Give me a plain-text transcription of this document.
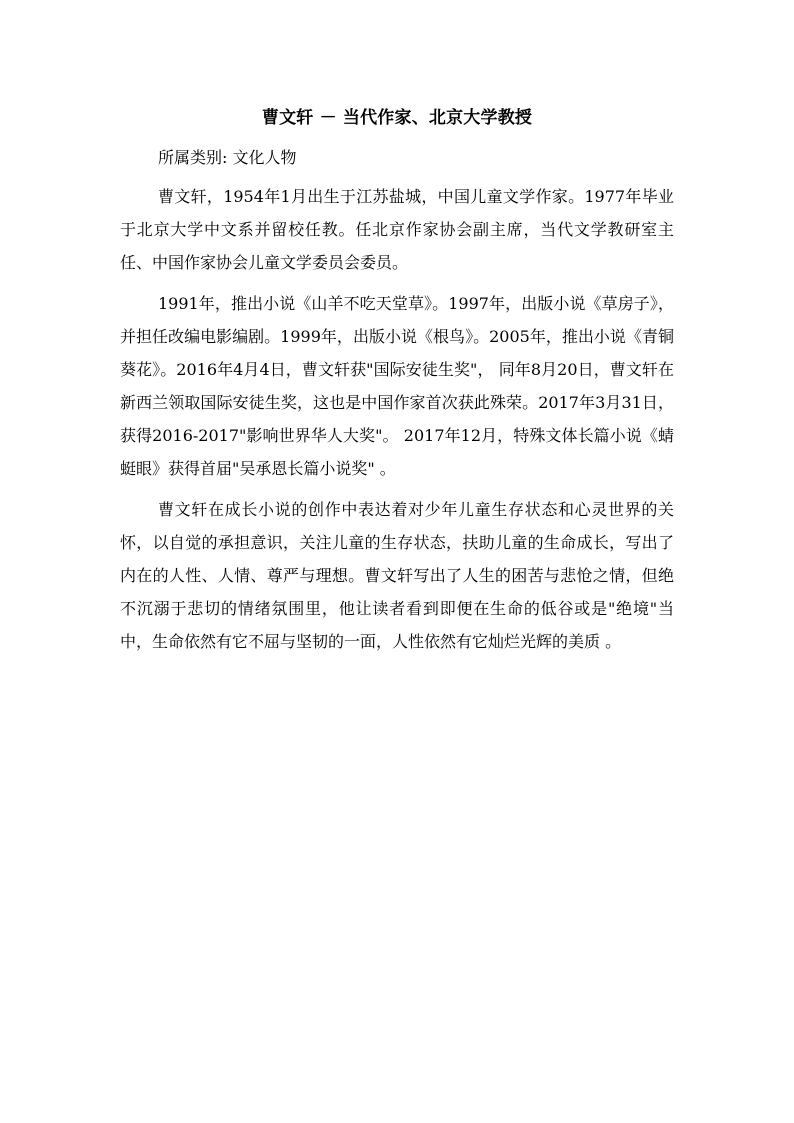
曹文轩 － 当代作家、北京大学教授

所属类别: 文化人物

曹文轩，1954年1月出生于江苏盐城，中国儿童文学作家。1977年毕业于北京大学中文系并留校任教。任北京作家协会副主席，当代文学教研室主任、中国作家协会儿童文学委员会委员。

1991年，推出小说《山羊不吃天堂草》。1997年，出版小说《草房子》，并担任改编电影编剧。1999年，出版小说《根鸟》。2005年，推出小说《青铜葵花》。2016年4月4日，曹文轩获"国际安徒生奖"， 同年8月20日，曹文轩在新西兰领取国际安徒生奖，这也是中国作家首次获此殊荣。2017年3月31日，获得2016-2017"影响世界华人大奖"。 2017年12月，特殊文体长篇小说《蜻蜓眼》获得首届"吴承恩长篇小说奖" 。

曹文轩在成长小说的创作中表达着对少年儿童生存状态和心灵世界的关怀，以自觉的承担意识，关注儿童的生存状态，扶助儿童的生命成长，写出了内在的人性、人情、尊严与理想。曹文轩写出了人生的困苦与悲怆之情，但绝不沉溺于悲切的情绪氛围里，他让读者看到即便在生命的低谷或是"绝境"当中，生命依然有它不屈与坚韧的一面，人性依然有它灿烂光辉的美质 。
